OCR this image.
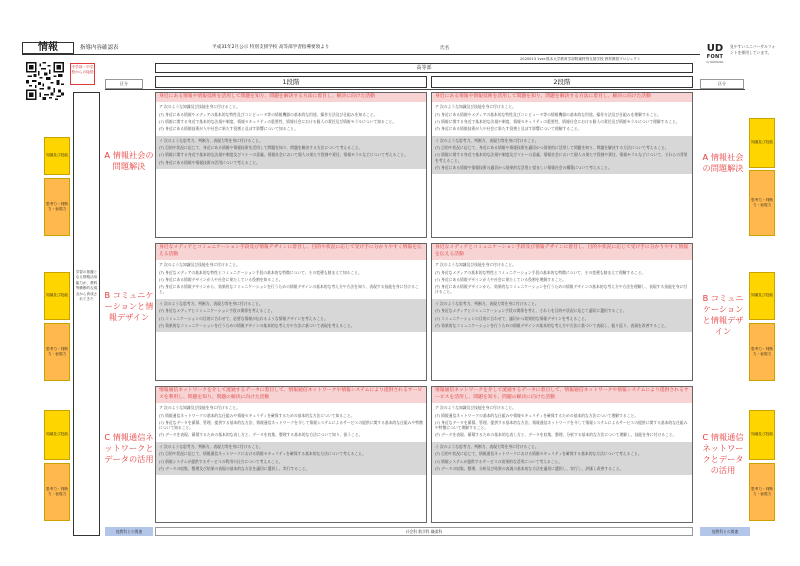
情報	指導内容確認表	平成31年2月公示 特別支援学校 高等部学習指導要領より	氏名
2020013 1ver.熊本大学教育学部附属特別支援学校 教材開発プロジェクト
UD
FONT
by MORISAWA
見やすいユニバーサルフォントを採用しています。
中学部・中学校からの接続
区分	区分
学習の基盤となる情報活用能力が、教科等横断的な視点から育成されてきた
知識及び技能
思考力・判断力・表現力
知識及び技能
思考力・判断力・表現力
知識及び技能
思考力・判断力・表現力
知識及び技能
思考力・判断力・表現力
知識及び技能
思考力・判断力・表現力
知識及び技能
思考力・判断力・表現力
高等部
1段階	2段階
A 情報社会の問題解決
A 情報社会の問題解決
B コミュニケーションと情報デザイン
B コミュニケーションと情報デザイン
C 情報通信ネットワークとデータの活用
C 情報通信ネットワークとデータの活用
身近にある情報や情報技術を活用して問題を知り、問題を解決する方法に着目し、解決に向けた活動

ア 次のような知識及び技能を身に付けること。

(ｱ) 身近にある情報やメディアの基本的な特性及びコンピュータ等の情報機器の基本的な用途、操作方法及び仕組みを知ること。

(ｲ) 情報に関する身近で基本的な法規や制度、情報セキュリティの重要性、情報社会における個人の責任及び情報モラルについて知ること。

(ｳ) 身近にある情報技術が人や社会に果たす役割と及ぼす影響について知ること。

イ 次のような思考力、判断力、表現力等を身に付けること。

(ｱ) 目的や状況に応じて、身近にある情報や情報技術を活用して問題を知り、問題を解決する方法について考えること。

(ｲ) 情報に関する身近で基本的な法規や制度及びマナーの意義、情報社会において個人の果たす役割や責任、情報モラルなどについて考えること。

(ｳ) 身近にある情報や情報技術の活用について考えること。

身近にある情報や情報技術を活用して問題を知り、問題を解決する方法に着目し、解決に向けた活動

ア 次のような知識及び技能を身に付けること。

(ｱ) 身近にある情報やメディアの基本的な特性及びコンピュータ等の情報機器の基本的な用途、操作方法及び仕組みを理解すること。

(ｲ) 情報に関する身近で基本的な法規や制度、情報セキュリティの重要性、情報社会における個人の責任及び情報モラルについて理解すること。

(ｳ) 身近にある情報技術が人や社会に果たす役割と及ぼす影響について理解すること。

イ 次のような思考力、判断力、表現力等を身に付けること。

(ｱ) 目的や状況に応じて、身近にある情報や情報技術を適切かつ効果的に活用して問題を知り、問題を解決する方法について考えること。

(ｲ) 情報に関する身近で基本的な法規や制度及びマナーの意義、情報社会において個人の果たす役割や責任、情報モラルなどについて、それらの背景を考えること。

(ｳ) 身近にある情報や情報技術の適切かつ効果的な活用と望ましい情報社会の構築について考えること。

身近なメディアとコミュニケーション手段及び情報デザインに着目し、目的や状況に応じて受け手に分かりやすく情報を伝える活動

ア 次のような知識及び技能を身に付けること。

(ｱ) 身近なメディアの基本的な特性とコミュニケーション手段の基本的な特徴について、その変遷も踏まえて知ること。

(ｲ) 身近にある情報デザインが人や社会に果たしている役割を知ること。

(ｳ) 身近にある情報デザインから、効果的なコミュニケーションを行うための情報デザインの基本的な考え方や方法を知り、表現する技能を身に付けること。

イ 次のような思考力、判断力、表現力等を身に付けること。

(ｱ) 身近なメディアとコミュニケーション手段の関係を考えること。

(ｲ) コミュニケーションの目的に合わせて、必要な情報が伝わるような情報デザインを考えること。

(ｳ) 効果的なコミュニケーションを行うための情報デザインの基本的な考え方や方法に基づいて表現を考えること。

身近なメディアとコミュニケーション手段及び情報デザインに着目し、目的や状況に応じて受け手に分かりやすく情報を伝える活動

ア 次のような知識及び技能を身に付けること。

(ｱ) 身近なメディアの基本的な特性とコミュニケーション手段の基本的な特徴について、その変遷も踏まえて理解すること。

(ｲ) 身近にある情報デザインが人や社会に果たしている役割を理解すること。

(ｳ) 身近にある情報デザインから、効果的なコミュニケーションを行うための情報デザインの基本的な考え方や方法を理解し、表現する技能を身に付けること。

イ 次のような思考力、判断力、表現力等を身に付けること。

(ｱ) 身近なメディアとコミュニケーション手段の関係を考え、それらを目的や状況に応じて適切に選択すること。

(ｲ) コミュニケーションの目的に合わせて、適切かつ効果的な情報デザインを考えること。

(ｳ) 効果的なコミュニケーションを行うための情報デザインの基本的な考え方や方法に基づいて表現し、振り返り、表現を改善すること。

情報通信ネットワークを介して流通するデータに着目して、情報通信ネットワークや情報システムにより提供されるサービスを利用し、問題を知り、問題の解決に向けた活動

ア 次のような知識及び技能を身に付けること。

(ｱ) 情報通信ネットワークの基本的な仕組みや情報セキュリティを確保するための基本的な方法について知ること。

(ｲ) 身近なデータを蓄積、管理、提供する基本的な方法、情報通信ネットワークを介して情報システムによるサービスの提供に関する基本的な仕組みや特徴について知ること。

(ｳ) データを表現、蓄積するための基本的な表し方と、データを収集、整理する基本的な方法について知り、扱うこと。

イ 次のような思考力、判断力、表現力等を身に付けること。

(ｱ) 目的や状況に応じて、情報通信ネットワークにおける情報セキュリティを確保する基本的な方法について考えること。

(ｲ) 情報システムが提供するサービスの利用の仕方について考えること。

(ｳ) データの収集、整理及び結果の表現の基本的な方法を適切に選択し、実行すること。

情報通信ネットワークを介して流通するデータに着目して、情報通信ネットワークや情報システムにより提供されるサービスを活用し、問題を知り、問題の解決に向けた活動

ア 次のような知識及び技能を身に付けること。

(ｱ) 情報通信ネットワークの基本的な仕組みや情報セキュリティを確保するための基本的な方法について理解すること。

(ｲ) 身近なデータを蓄積、管理、提供する基本的な方法、情報通信ネットワークを介して情報システムによるサービスの提供に関する基本的な仕組みや特徴について理解すること。

(ｳ) データを表現、蓄積するための基本的な表し方と、データを収集、整理、分析する基本的な方法について理解し、技能を身に付けること。

イ 次のような思考力、判断力、表現力等を身に付けること。

(ｱ) 目的や状況に応じて、情報通信ネットワークにおける情報セキュリティを確保する基本的な方法について考えること。

(ｲ) 情報システムが提供するサービスの効果的な活用について考えること。

(ｳ) データの収集、整理、分析及び結果の表現の基本的な方法を適切に選択し、実行し、評価し改善すること。

他教科との関連	社会科 数学科 職業科	他教科との関連
